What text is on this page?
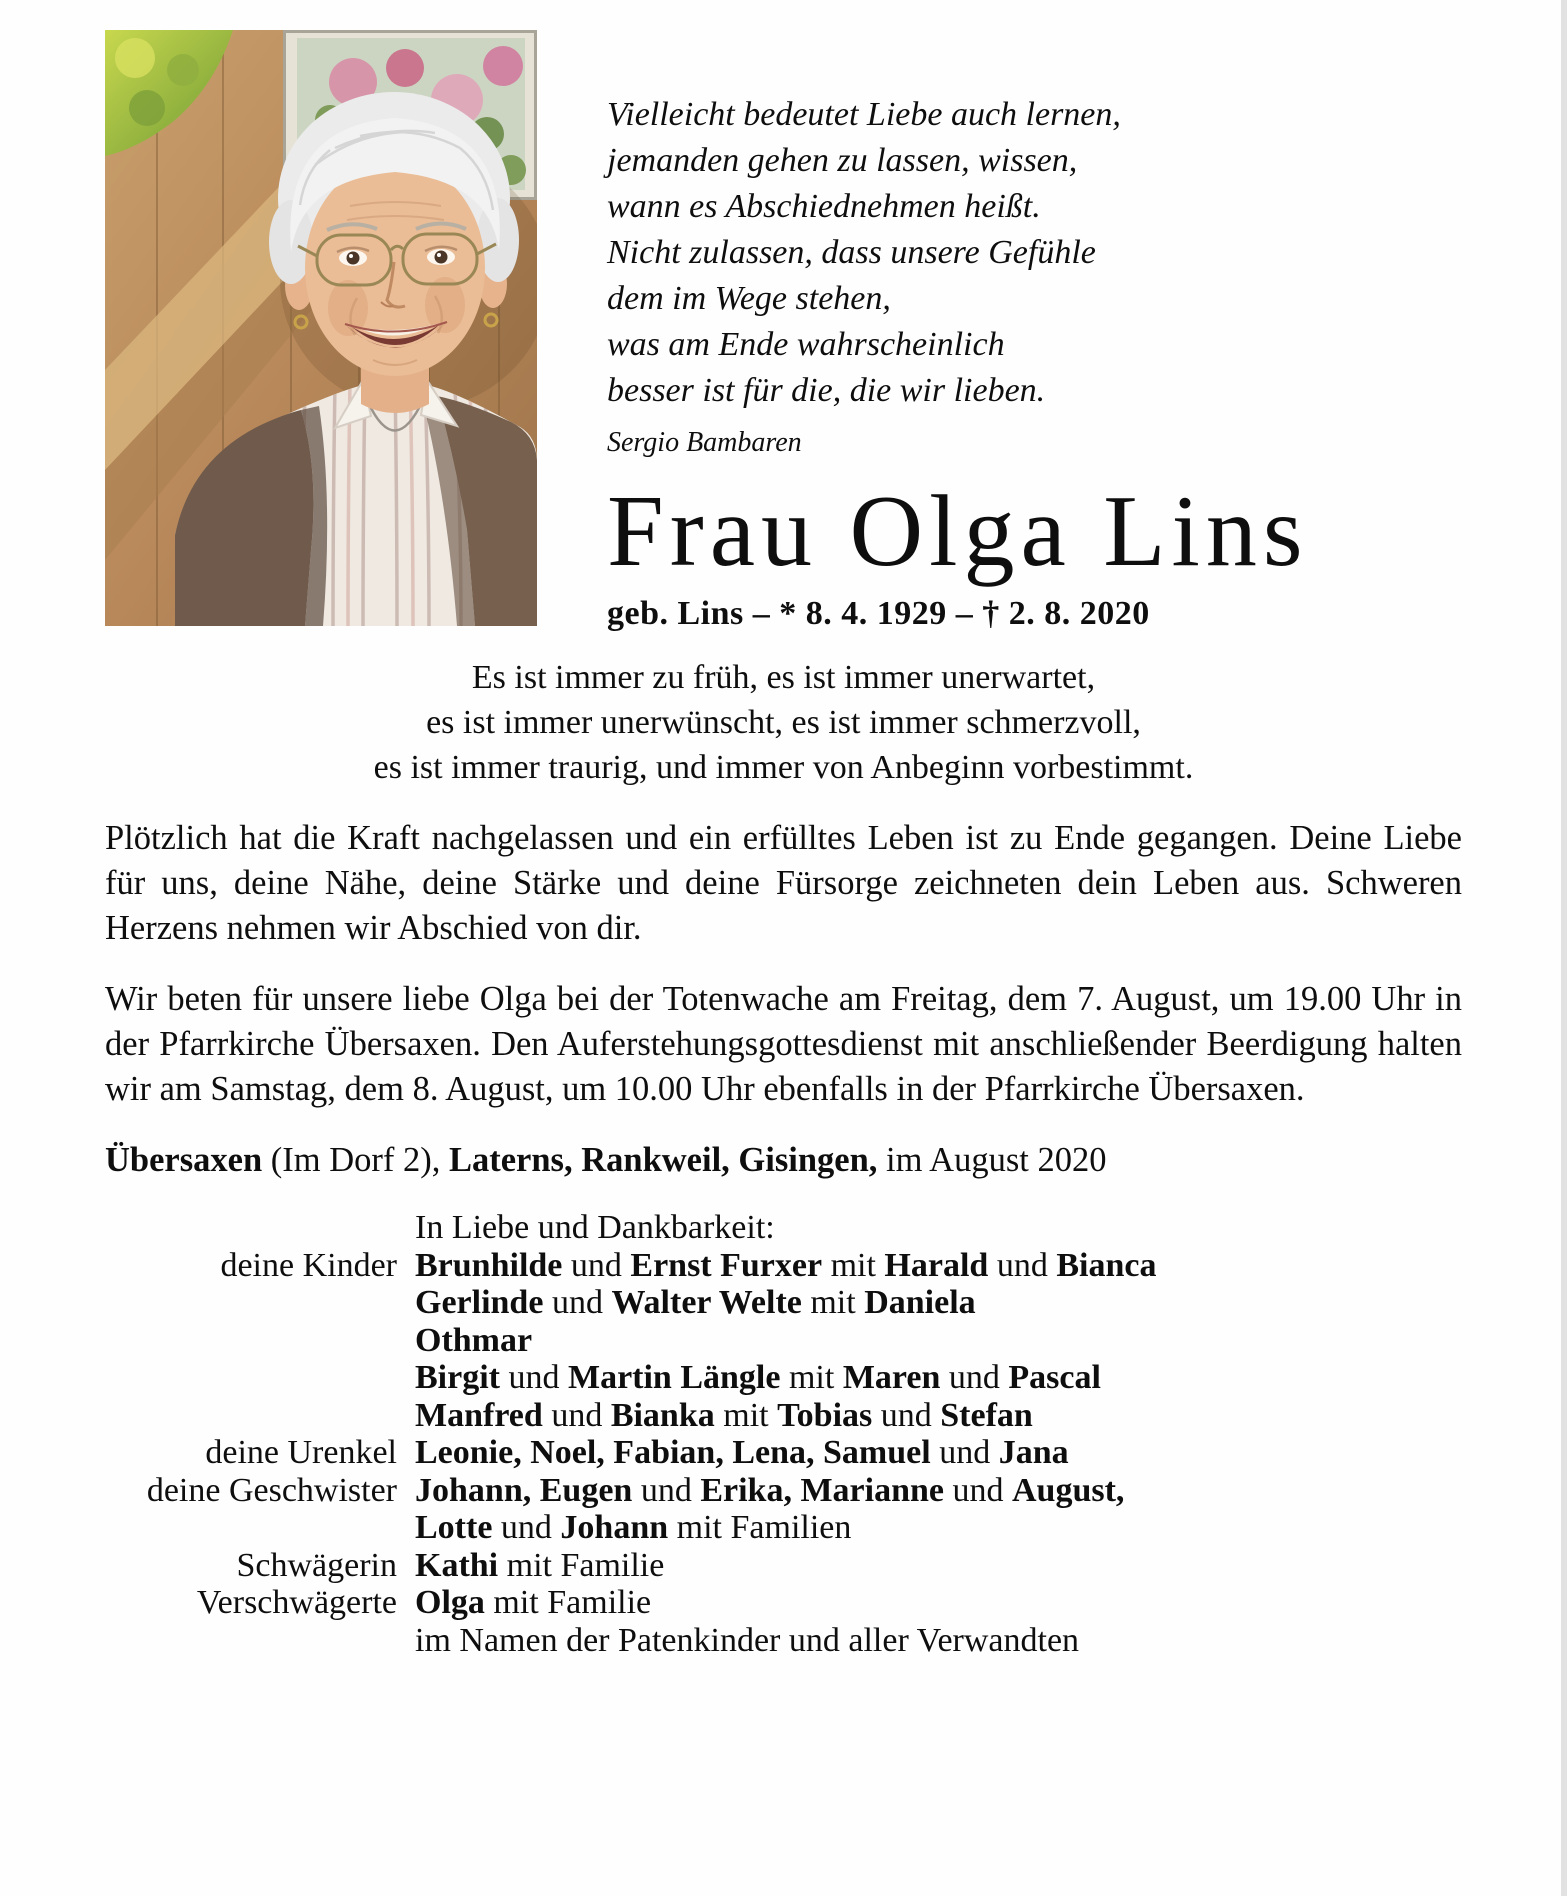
Vielleicht bedeutet Liebe auch lernen,
jemanden gehen zu lassen, wissen,
wann es Abschiednehmen heißt.
Nicht zulassen, dass unsere Gefühle
dem im Wege stehen,
was am Ende wahrscheinlich
besser ist für die, die wir lieben.
Sergio Bambaren
Frau Olga Lins
geb. Lins – * 8. 4. 1929 – † 2. 8. 2020
Es ist immer zu früh, es ist immer unerwartet,
es ist immer unerwünscht, es ist immer schmerzvoll,
es ist immer traurig, und immer von Anbeginn vorbestimmt.

Plötzlich hat die Kraft nachgelassen und ein erfülltes Leben ist zu Ende gegangen. Deine Liebe für uns, deine Nähe, deine Stärke und deine Fürsorge zeichneten dein Leben aus. Schweren Herzens nehmen wir Abschied von dir.

Wir beten für unsere liebe Olga bei der Totenwache am Freitag, dem 7. August, um 19.00 Uhr in der Pfarrkirche Übersaxen. Den Auferstehungsgottesdienst mit anschließender Beerdigung halten wir am Samstag, dem 8. August, um 10.00 Uhr ebenfalls in der Pfarrkirche Übersaxen.

Übersaxen (Im Dorf 2), Laterns, Rankweil, Gisingen, im August 2020
In Liebe und Dankbarkeit:
deine Kinder Brunhilde und Ernst Furxer mit Harald und Bianca
Gerlinde und Walter Welte mit Daniela
Othmar
Birgit und Martin Längle mit Maren und Pascal
Manfred und Bianka mit Tobias und Stefan
deine Urenkel Leonie, Noel, Fabian, Lena, Samuel und Jana
deine Geschwister Johann, Eugen und Erika, Marianne und August,
Lotte und Johann mit Familien
Schwägerin Kathi mit Familie
Verschwägerte Olga mit Familie
im Namen der Patenkinder und aller Verwandten
